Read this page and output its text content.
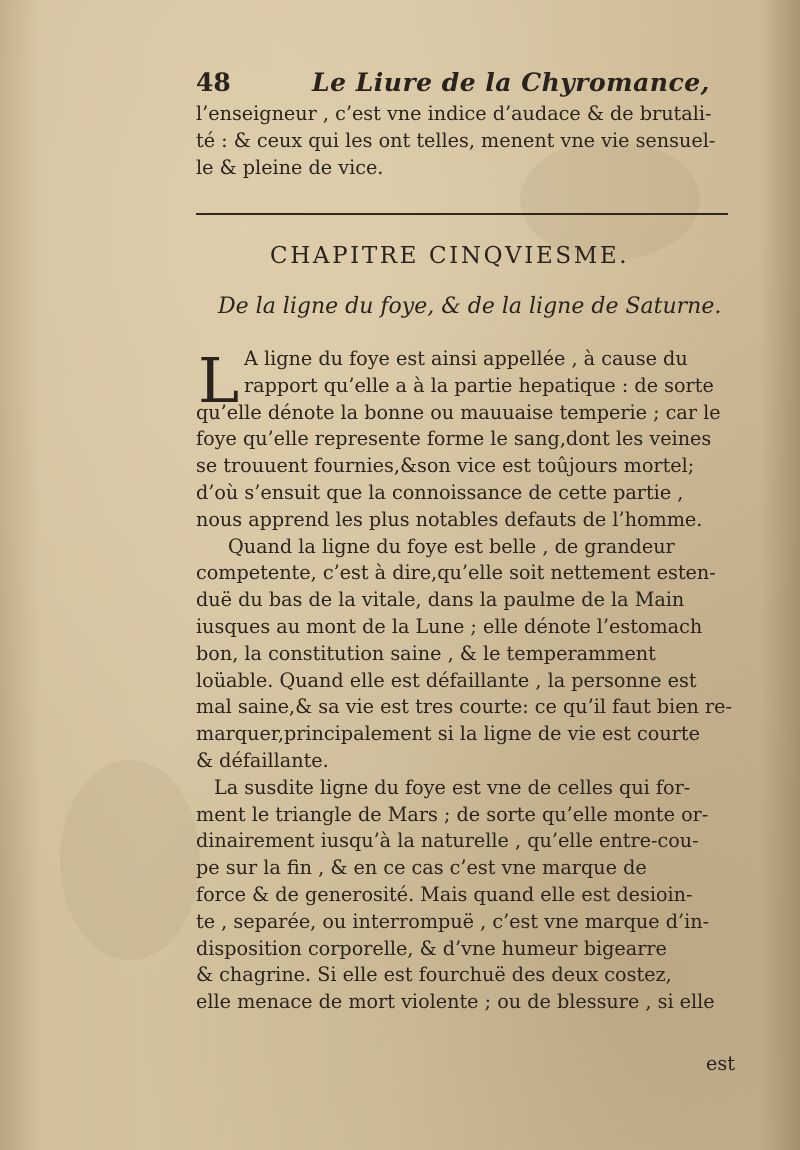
48	Le Liure de la Chyromance,
l’enseigneur , c’est vne indice d’audace & de brutali-
té : & ceux qui les ont telles, menent vne vie sensuel-
le & pleine de vice.
CHAPITRE CINQVIESME.
De la ligne du foye, & de la ligne de Saturne.
L A ligne du foye est ainsi appellée , à cause du
rapport qu’elle a à la partie hepatique : de sorte
qu’elle dénote la bonne ou mauuaise temperie ; car le
foye qu’elle represente forme le sang,dont les veines
se trouuent fournies,&son vice est toûjours mortel;
d’où s’ensuit que la connoissance de cette partie ,
nous apprend les plus notables defauts de l’homme.
Quand la ligne du foye est belle , de grandeur
competente, c’est à dire,qu’elle soit nettement esten-
duë du bas de la vitale, dans la paulme de la Main
iusques au mont de la Lune ; elle dénote l’estomach
bon, la constitution saine , & le temperamment
loüable. Quand elle est défaillante , la personne est
mal saine,& sa vie est tres courte: ce qu’il faut bien re-
marquer,principalement si la ligne de vie est courte
& défaillante.
La susdite ligne du foye est vne de celles qui for-
ment le triangle de Mars ; de sorte qu’elle monte or-
dinairement iusqu’à la naturelle , qu’elle entre-cou-
pe sur la fin , & en ce cas c’est vne marque de
force & de generosité. Mais quand elle est desioin-
te , separée, ou interrompuë , c’est vne marque d’in-
disposition corporelle, & d’vne humeur bigearre
& chagrine. Si elle est fourchuë des deux costez,
elle menace de mort violente ; ou de blessure , si elle
est
